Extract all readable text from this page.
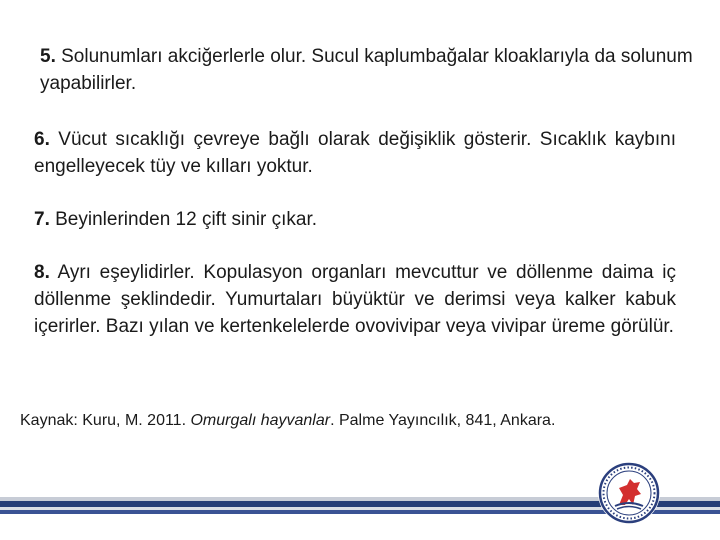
5. Solunumları akciğerlerle olur. Sucul kaplumbağalar kloaklarıyla da solunum yapabilirler.

6. Vücut sıcaklığı çevreye bağlı olarak değişiklik gösterir. Sıcaklık kaybını engelleyecek tüy ve kılları yoktur.

7. Beyinlerinden 12 çift sinir çıkar.

8. Ayrı eşeylidirler. Kopulasyon organları mevcuttur ve döllenme daima iç döllenme şeklindedir. Yumurtaları büyüktür ve derimsi veya kalker kabuk içerirler. Bazı yılan ve kertenkelelerde ovovivipar veya vivipar üreme görülür.

Kaynak: Kuru, M. 2011. Omurgalı hayvanlar. Palme Yayıncılık, 841, Ankara.
